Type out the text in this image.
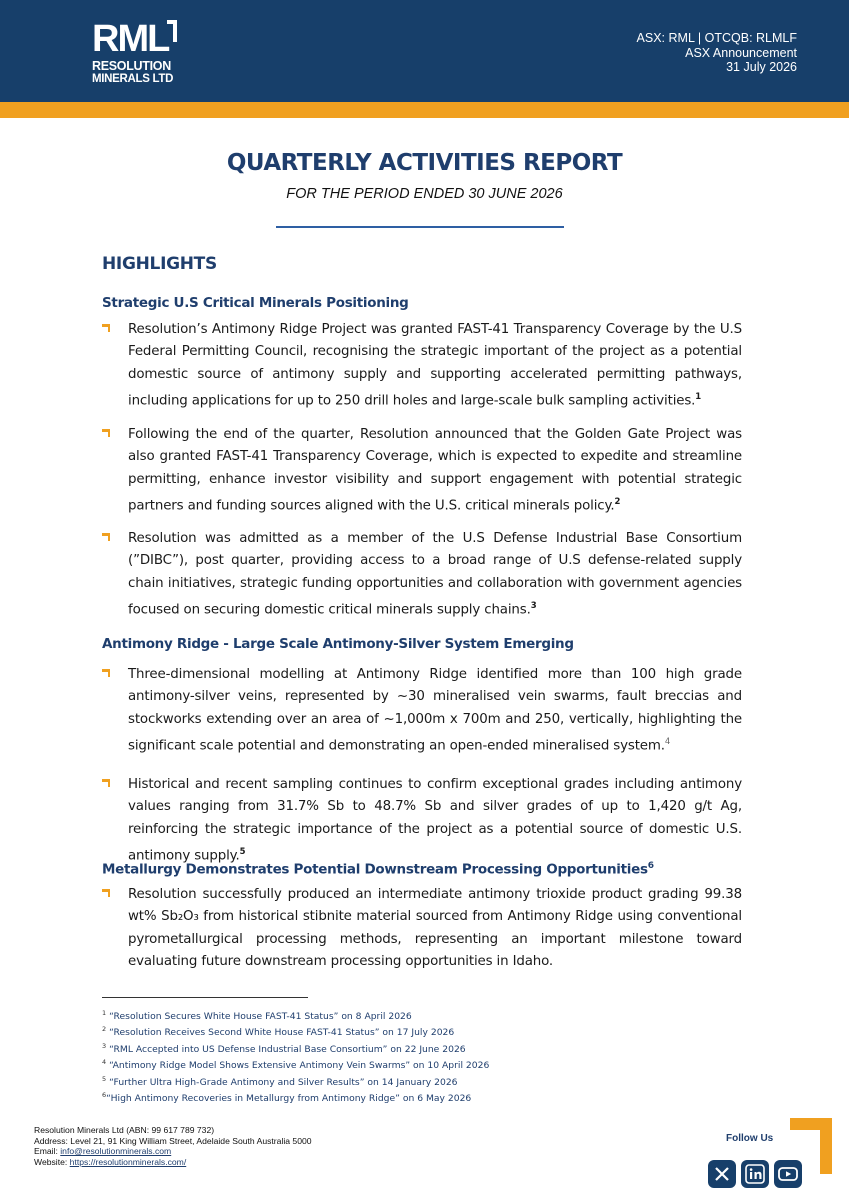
RML
RESOLUTION
MINERALS LTD
ASX: RML | OTCQB: RLMLF
ASX Announcement
31 July 2026
QUARTERLY ACTIVITIES REPORT
FOR THE PERIOD ENDED 30 JUNE 2026
HIGHLIGHTS
Strategic U.S Critical Minerals Positioning
Resolution’s Antimony Ridge Project was granted FAST-41 Transparency Coverage by the U.S Federal Permitting Council, recognising the strategic important of the project as a potential domestic source of antimony supply and supporting accelerated permitting pathways, including applications for up to 250 drill holes and large-scale bulk sampling activities.$^1$
Following the end of the quarter, Resolution announced that the Golden Gate Project was also granted FAST-41 Transparency Coverage, which is expected to expedite and streamline permitting, enhance investor visibility and support engagement with potential strategic partners and funding sources aligned with the U.S. critical minerals policy.$^2$
Resolution was admitted as a member of the U.S Defense Industrial Base Consortium (”DIBC”), post quarter, providing access to a broad range of U.S defense-related supply chain initiatives, strategic funding opportunities and collaboration with government agencies focused on securing domestic critical minerals supply chains.$^3$
Antimony Ridge - Large Scale Antimony-Silver System Emerging
Three-dimensional modelling at Antimony Ridge identified more than 100 high grade antimony-silver veins, represented by ~30 mineralised vein swarms, fault breccias and stockworks extending over an area of ~1,000m x 700m and 250, vertically, highlighting the significant scale potential and demonstrating an open-ended mineralised system.$^4$
Historical and recent sampling continues to confirm exceptional grades including antimony values ranging from 31.7% Sb to 48.7% Sb and silver grades of up to 1,420 g/t Ag, reinforcing the strategic importance of the project as a potential source of domestic U.S. antimony supply.$^5$
Metallurgy Demonstrates Potential Downstream Processing Opportunities$^6$
Resolution successfully produced an intermediate antimony trioxide product grading 99.38 wt% Sb₂O₃ from historical stibnite material sourced from Antimony Ridge using conventional pyrometallurgical processing methods, representing an important milestone toward evaluating future downstream processing opportunities in Idaho.
$^1$ “Resolution Secures White House FAST-41 Status” on 8 April 2026
$^2$ “Resolution Receives Second White House FAST-41 Status” on 17 July 2026
$^3$ “RML Accepted into US Defense Industrial Base Consortium” on 22 June 2026
$^4$ “Antimony Ridge Model Shows Extensive Antimony Vein Swarms” on 10 April 2026
$^5$ “Further Ultra High-Grade Antimony and Silver Results” on 14 January 2026
$^6$“High Antimony Recoveries in Metallurgy from Antimony Ridge” on 6 May 2026
Resolution Minerals Ltd (ABN: 99 617 789 732)
Address: Level 21, 91 King William Street, Adelaide South Australia 5000
Email: info@resolutionminerals.com
Website: https://resolutionminerals.com/
Follow Us
